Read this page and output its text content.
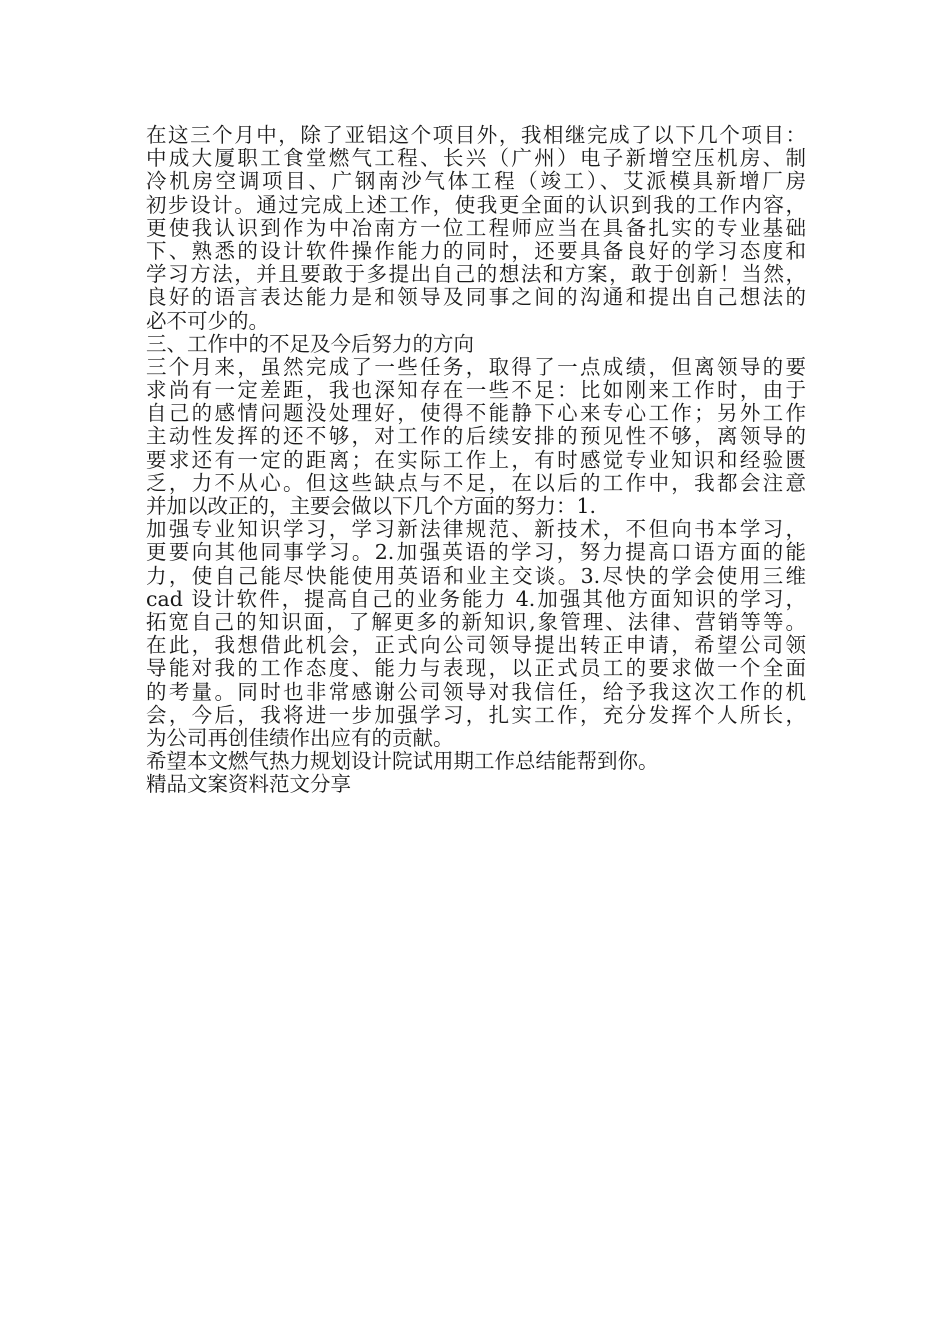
在这三个月中，除了亚铝这个项目外，我相继完成了以下几个项目：
中成大厦职工食堂燃气工程、长兴（广州）电子新增空压机房、制
冷机房空调项目、广钢南沙气体工程（竣工）、艾派模具新增厂房
初步设计。通过完成上述工作，使我更全面的认识到我的工作内容，
更使我认识到作为中冶南方一位工程师应当在具备扎实的专业基础
下、熟悉的设计软件操作能力的同时，还要具备良好的学习态度和
学习方法，并且要敢于多提出自己的想法和方案，敢于创新！当然，
良好的语言表达能力是和领导及同事之间的沟通和提出自己想法的
必不可少的。
三、工作中的不足及今后努力的方向
三个月来，虽然完成了一些任务，取得了一点成绩，但离领导的要
求尚有一定差距，我也深知存在一些不足：比如刚来工作时，由于
自己的感情问题没处理好，使得不能静下心来专心工作；另外工作
主动性发挥的还不够，对工作的后续安排的预见性不够，离领导的
要求还有一定的距离；在实际工作上，有时感觉专业知识和经验匮
乏，力不从心。但这些缺点与不足，在以后的工作中，我都会注意
并加以改正的，主要会做以下几个方面的努力：1.
加强专业知识学习，学习新法律规范、新技术，不但向书本学习，
更要向其他同事学习。2.加强英语的学习，努力提高口语方面的能
力，使自己能尽快能使用英语和业主交谈。3.尽快的学会使用三维
cad 设计软件，提高自己的业务能力 4.加强其他方面知识的学习，
拓宽自己的知识面，了解更多的新知识,象管理、法律、营销等等。
在此，我想借此机会，正式向公司领导提出转正申请，希望公司领
导能对我的工作态度、能力与表现，以正式员工的要求做一个全面
的考量。同时也非常感谢公司领导对我信任，给予我这次工作的机
会，今后，我将进一步加强学习，扎实工作，充分发挥个人所长，
为公司再创佳绩作出应有的贡献。
希望本文燃气热力规划设计院试用期工作总结能帮到你。
精品文案资料范文分享
